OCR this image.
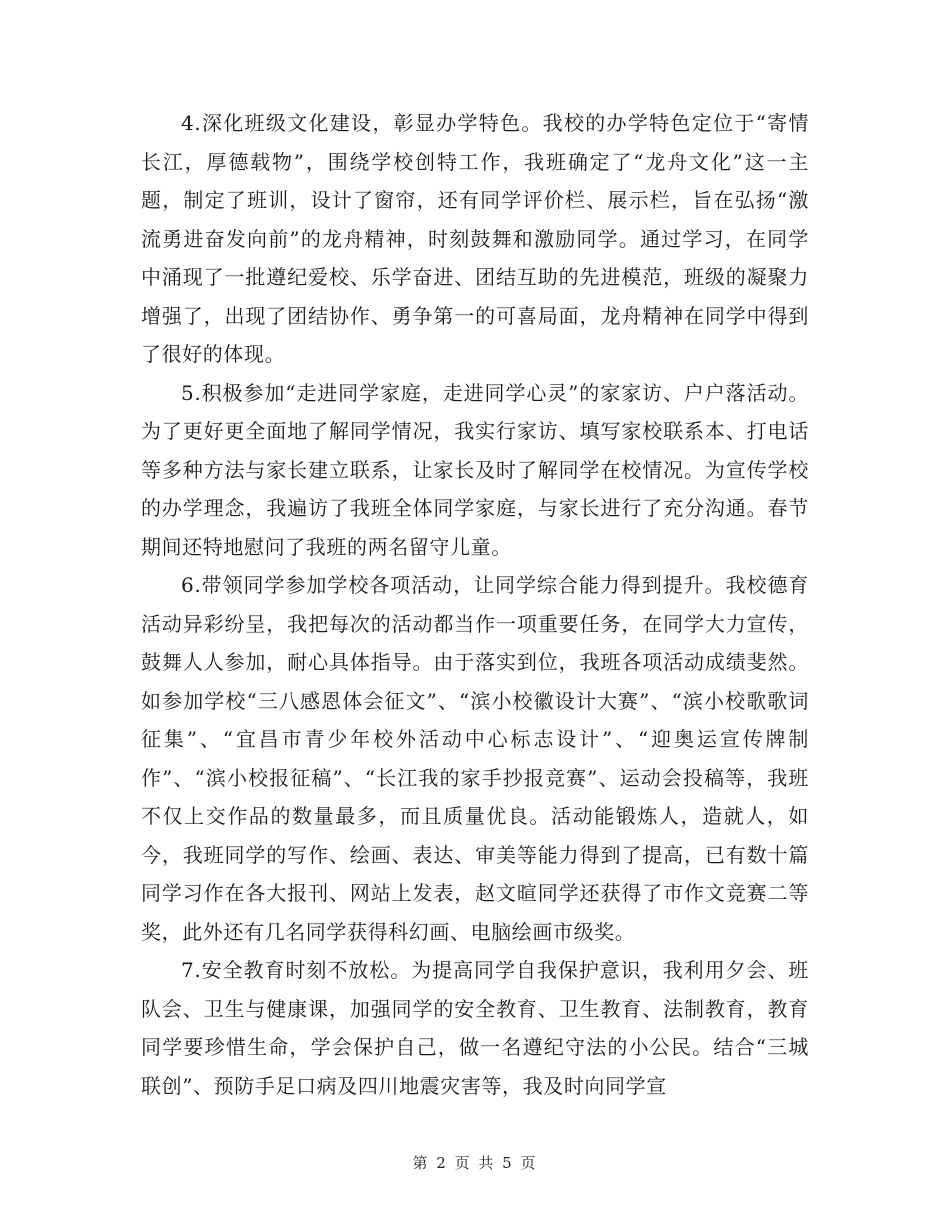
4.深化班级文化建设，彰显办学特色。我校的办学特色定位于“寄情长江，厚德载物”，围绕学校创特工作，我班确定了“龙舟文化”这一主题，制定了班训，设计了窗帘，还有同学评价栏、展示栏，旨在弘扬“激流勇进奋发向前”的龙舟精神，时刻鼓舞和激励同学。通过学习，在同学中涌现了一批遵纪爱校、乐学奋进、团结互助的先进模范，班级的凝聚力增强了，出现了团结协作、勇争第一的可喜局面，龙舟精神在同学中得到了很好的体现。

5.积极参加“走进同学家庭，走进同学心灵”的家家访、户户落活动。为了更好更全面地了解同学情况，我实行家访、填写家校联系本、打电话等多种方法与家长建立联系，让家长及时了解同学在校情况。为宣传学校的办学理念，我遍访了我班全体同学家庭，与家长进行了充分沟通。春节期间还特地慰问了我班的两名留守儿童。

6.带领同学参加学校各项活动，让同学综合能力得到提升。我校德育活动异彩纷呈，我把每次的活动都当作一项重要任务，在同学大力宣传，鼓舞人人参加，耐心具体指导。由于落实到位，我班各项活动成绩斐然。如参加学校“三八感恩体会征文”、“滨小校徽设计大赛”、“滨小校歌歌词征集”、“宜昌市青少年校外活动中心标志设计”、“迎奥运宣传牌制作”、“滨小校报征稿”、“长江我的家手抄报竞赛”、运动会投稿等，我班不仅上交作品的数量最多，而且质量优良。活动能锻炼人，造就人，如今，我班同学的写作、绘画、表达、审美等能力得到了提高，已有数十篇同学习作在各大报刊、网站上发表，赵文暄同学还获得了市作文竞赛二等奖，此外还有几名同学获得科幻画、电脑绘画市级奖。

7.安全教育时刻不放松。为提高同学自我保护意识，我利用夕会、班队会、卫生与健康课，加强同学的安全教育、卫生教育、法制教育，教育同学要珍惜生命，学会保护自己，做一名遵纪守法的小公民。结合“三城联创”、预防手足口病及四川地震灾害等，我及时向同学宣

第 2 页 共 5 页
